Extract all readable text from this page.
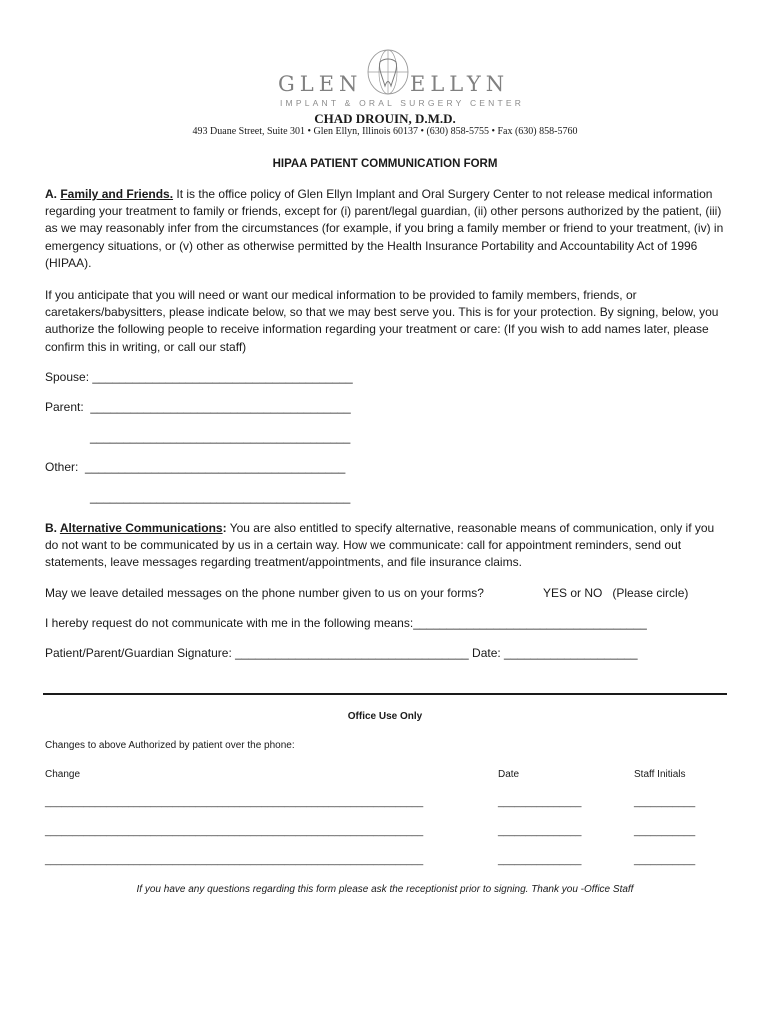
GLEN ELLYN
IMPLANT & ORAL SURGERY CENTER
CHAD DROUIN, D.M.D.
493 Duane Street, Suite 301 • Glen Ellyn, Illinois 60137 • (630) 858-5755 • Fax (630) 858-5760
HIPAA PATIENT COMMUNICATION FORM
A. Family and Friends. It is the office policy of Glen Ellyn Implant and Oral Surgery Center to not release medical information regarding your treatment to family or friends, except for (i) parent/legal guardian, (ii) other persons authorized by the patient, (iii) as we may reasonably infer from the circumstances (for example, if you bring a family member or friend to your treatment, (iv) in emergency situations, or (v) other as otherwise permitted by the Health Insurance Portability and Accountability Act of 1996 (HIPAA).
If you anticipate that you will need or want our medical information to be provided to family members, friends, or caretakers/babysitters, please indicate below, so that we may best serve you. This is for your protection. By signing, below, you authorize the following people to receive information regarding your treatment or care: (If you wish to add names later, please confirm this in writing, or call our staff)
Spouse: _______________________________________
Parent:  _______________________________________
_______________________________________
Other:  _______________________________________
_______________________________________
B. Alternative Communications: You are also entitled to specify alternative, reasonable means of communication, only if you do not want to be communicated by us in a certain way. How we communicate: call for appointment reminders, send out statements, leave messages regarding treatment/appointments, and file insurance claims.
May we leave detailed messages on the phone number given to us on your forms?	YES or NO   (Please circle)
I hereby request do not communicate with me in the following means:___________________________________
Patient/Parent/Guardian Signature: ___________________________________ Date: ____________________
Office Use Only
Changes to above Authorized by patient over the phone:
Change	Date	Staff Initials
____________________________________________________________________	_______________	___________
____________________________________________________________________	_______________	___________
____________________________________________________________________	_______________	___________
If you have any questions regarding this form please ask the receptionist prior to signing. Thank you -Office Staff
